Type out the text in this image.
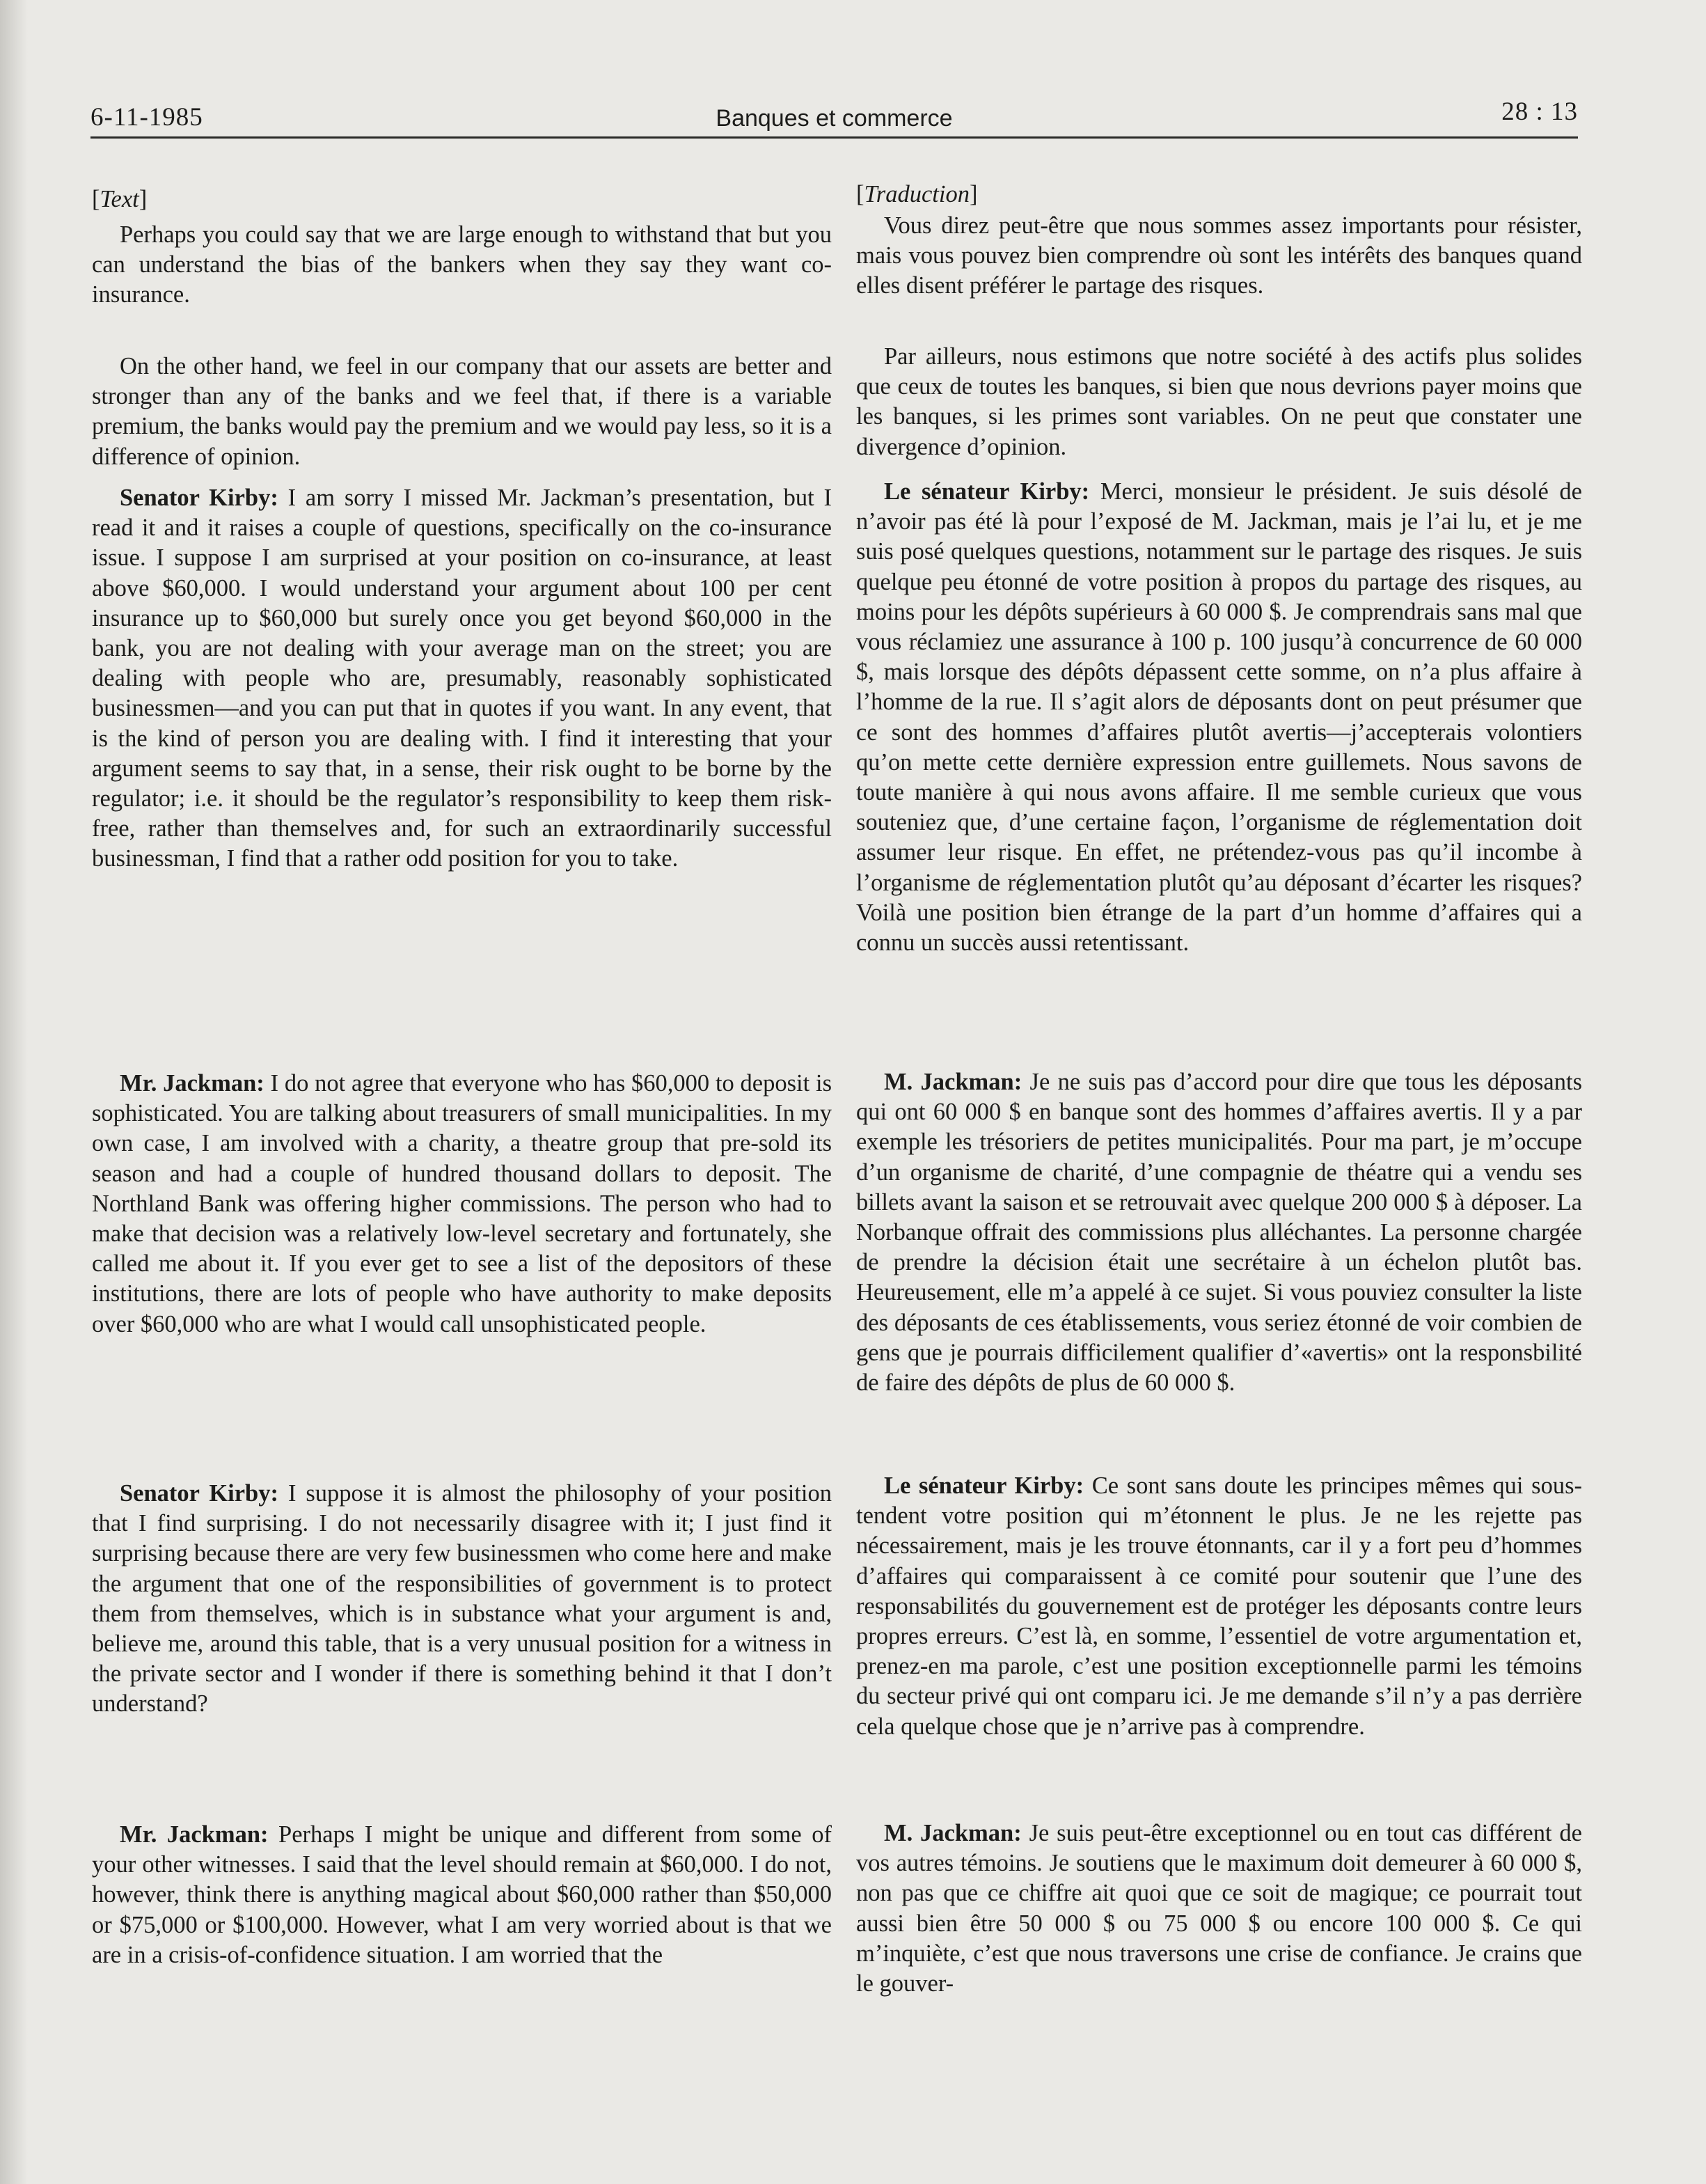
6-11-1985	Banques et commerce	28 : 13

[Text]

Perhaps you could say that we are large enough to withstand that but you can understand the bias of the bankers when they say they want co-insurance.

On the other hand, we feel in our company that our assets are better and stronger than any of the banks and we feel that, if there is a variable premium, the banks would pay the premium and we would pay less, so it is a difference of opinion.

Senator Kirby: I am sorry I missed Mr. Jackman’s presentation, but I read it and it raises a couple of questions, specifically on the co-insurance issue. I suppose I am surprised at your position on co-insurance, at least above $60,000. I would understand your argument about 100 per cent insurance up to $60,000 but surely once you get beyond $60,000 in the bank, you are not dealing with your average man on the street; you are dealing with people who are, presumably, reasonably sophisticated businessmen—and you can put that in quotes if you want. In any event, that is the kind of person you are dealing with. I find it interesting that your argument seems to say that, in a sense, their risk ought to be borne by the regulator; i.e. it should be the regulator’s responsibility to keep them risk-free, rather than themselves and, for such an extraordinarily successful businessman, I find that a rather odd position for you to take.

Mr. Jackman: I do not agree that everyone who has $60,000 to deposit is sophisticated. You are talking about treasurers of small municipalities. In my own case, I am involved with a charity, a theatre group that pre-sold its season and had a couple of hundred thousand dollars to deposit. The Northland Bank was offering higher commissions. The person who had to make that decision was a relatively low-level secretary and fortunately, she called me about it. If you ever get to see a list of the depositors of these institutions, there are lots of people who have authority to make deposits over $60,000 who are what I would call unsophisticated people.

Senator Kirby: I suppose it is almost the philosophy of your position that I find surprising. I do not necessarily disagree with it; I just find it surprising because there are very few businessmen who come here and make the argument that one of the responsibilities of government is to protect them from themselves, which is in substance what your argument is and, believe me, around this table, that is a very unusual position for a witness in the private sector and I wonder if there is something behind it that I don’t understand?

Mr. Jackman: Perhaps I might be unique and different from some of your other witnesses. I said that the level should remain at $60,000. I do not, however, think there is anything magical about $60,000 rather than $50,000 or $75,000 or $100,000. However, what I am very worried about is that we are in a crisis-of-confidence situation. I am worried that the

[Traduction]

Vous direz peut-être que nous sommes assez importants pour résister, mais vous pouvez bien comprendre où sont les intérêts des banques quand elles disent préférer le partage des risques.

Par ailleurs, nous estimons que notre société à des actifs plus solides que ceux de toutes les banques, si bien que nous devrions payer moins que les banques, si les primes sont variables. On ne peut que constater une divergence d’opinion.

Le sénateur Kirby: Merci, monsieur le président. Je suis désolé de n’avoir pas été là pour l’exposé de M. Jackman, mais je l’ai lu, et je me suis posé quelques questions, notamment sur le partage des risques. Je suis quelque peu étonné de votre position à propos du partage des risques, au moins pour les dépôts supérieurs à 60 000 $. Je comprendrais sans mal que vous réclamiez une assurance à 100 p. 100 jusqu’à concurrence de 60 000 $, mais lorsque des dépôts dépassent cette somme, on n’a plus affaire à l’homme de la rue. Il s’agit alors de déposants dont on peut présumer que ce sont des hommes d’affaires plutôt avertis—j’accepterais volontiers qu’on mette cette dernière expression entre guillemets. Nous savons de toute manière à qui nous avons affaire. Il me semble curieux que vous souteniez que, d’une certaine façon, l’organisme de réglementation doit assumer leur risque. En effet, ne prétendez-vous pas qu’il incombe à l’organisme de réglementation plutôt qu’au déposant d’écarter les risques? Voilà une position bien étrange de la part d’un homme d’affaires qui a connu un succès aussi retentissant.

M. Jackman: Je ne suis pas d’accord pour dire que tous les déposants qui ont 60 000 $ en banque sont des hommes d’affaires avertis. Il y a par exemple les trésoriers de petites municipalités. Pour ma part, je m’occupe d’un organisme de charité, d’une compagnie de théatre qui a vendu ses billets avant la saison et se retrouvait avec quelque 200 000 $ à déposer. La Norbanque offrait des commissions plus alléchantes. La personne chargée de prendre la décision était une secrétaire à un échelon plutôt bas. Heureusement, elle m’a appelé à ce sujet. Si vous pouviez consulter la liste des déposants de ces établissements, vous seriez étonné de voir combien de gens que je pourrais difficilement qualifier d’«avertis» ont la responsbilité de faire des dépôts de plus de 60 000 $.

Le sénateur Kirby: Ce sont sans doute les principes mêmes qui sous-tendent votre position qui m’étonnent le plus. Je ne les rejette pas nécessairement, mais je les trouve étonnants, car il y a fort peu d’hommes d’affaires qui comparaissent à ce comité pour soutenir que l’une des responsabilités du gouvernement est de protéger les déposants contre leurs propres erreurs. C’est là, en somme, l’essentiel de votre argumentation et, prenez-en ma parole, c’est une position exceptionnelle parmi les témoins du secteur privé qui ont comparu ici. Je me demande s’il n’y a pas derrière cela quelque chose que je n’arrive pas à comprendre.

M. Jackman: Je suis peut-être exceptionnel ou en tout cas différent de vos autres témoins. Je soutiens que le maximum doit demeurer à 60 000 $, non pas que ce chiffre ait quoi que ce soit de magique; ce pourrait tout aussi bien être 50 000 $ ou 75 000 $ ou encore 100 000 $. Ce qui m’inquiète, c’est que nous traversons une crise de confiance. Je crains que le gouver-
